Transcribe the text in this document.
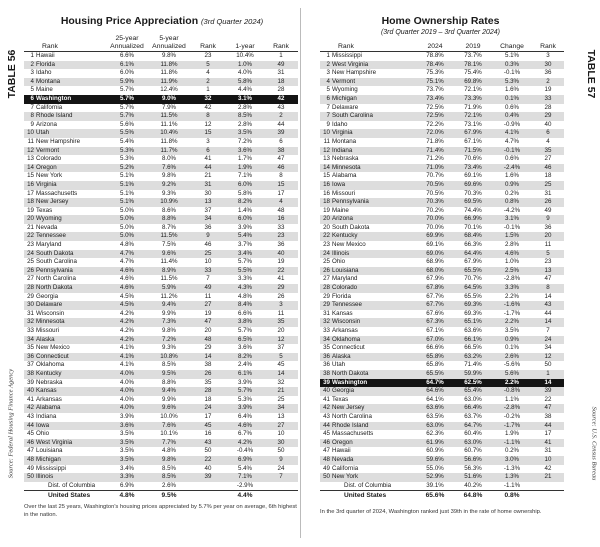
Housing Price Appreciation (3rd Quarter 2024)
TABLE 56
Source: Federal Housing Finance Agency
Rank
25-year Annualized
5-year Annualized	Rank	1-year	Rank
1 Hawaii	6.6%	9.8%	23	10.4%	1
2 Florida	6.1%	11.8%	5	1.0%	49
3 Idaho	6.0%	11.8%	4	4.0%	31
4 Montana	5.9%	11.9%	2	5.8%	18
5 Maine	5.7%	12.4%	1	4.4%	28
6 Washington	5.7%	9.0%	32	3.1%	42
7 California	5.7%	7.9%	42	2.8%	43
8 Rhode Island	5.7%	11.5%	8	8.5%	2
9 Arizona	5.6%	11.1%	12	2.8%	44
10 Utah	5.5%	10.4%	15	3.5%	39
11 New Hampshire	5.4%	11.8%	3	7.2%	6
12 Vermont	5.3%	11.7%	6	3.6%	38
13 Colorado	5.3%	8.0%	41	1.7%	47
14 Oregon	5.2%	7.6%	44	1.9%	46
15 New York	5.1%	9.8%	21	7.1%	8
16 Virginia	5.1%	9.2%	31	6.0%	15
17 Massachusetts	5.1%	9.3%	30	5.8%	17
18 New Jersey	5.1%	10.9%	13	8.2%	4
19 Texas	5.0%	8.6%	37	1.4%	48
20 Wyoming	5.0%	8.8%	34	6.0%	16
21 Nevada	5.0%	8.7%	36	3.9%	33
22 Tennessee	5.0%	11.5%	9	5.4%	23
23 Maryland	4.8%	7.5%	46	3.7%	36
24 South Dakota	4.7%	9.6%	25	3.4%	40
25 South Carolina	4.7%	11.4%	10	5.7%	19
26 Pennsylvania	4.6%	8.9%	33	5.5%	22
27 North Carolina	4.6%	11.5%	7	3.3%	41
28 North Dakota	4.6%	5.9%	49	4.3%	29
29 Georgia	4.5%	11.2%	11	4.8%	26
30 Delaware	4.5%	9.4%	27	8.4%	3
31 Wisconsin	4.2%	9.9%	19	6.6%	11
32 Minnesota	4.2%	7.3%	47	3.8%	35
33 Missouri	4.2%	9.8%	20	5.7%	20
34 Alaska	4.2%	7.2%	48	6.5%	12
35 New Mexico	4.1%	9.3%	29	3.6%	37
36 Connecticut	4.1%	10.8%	14	8.2%	5
37 Oklahoma	4.1%	8.5%	38	2.4%	45
38 Kentucky	4.0%	9.5%	26	6.1%	14
39 Nebraska	4.0%	8.8%	35	3.9%	32
40 Kansas	4.0%	9.4%	28	5.7%	21
41 Arkansas	4.0%	9.9%	18	5.3%	25
42 Alabama	4.0%	9.6%	24	3.9%	34
43 Indiana	3.9%	10.0%	17	6.4%	13
44 Iowa	3.6%	7.6%	45	4.6%	27
45 Ohio	3.5%	10.1%	16	6.7%	10
46 West Virginia	3.5%	7.7%	43	4.2%	30
47 Louisiana	3.5%	4.8%	50	-0.4%	50
48 Michigan	3.5%	9.8%	22	6.9%	9
49 Mississippi	3.4%	8.5%	40	5.4%	24
50 Illinois	3.3%	8.5%	39	7.1%	7
Dist. of Columbia	6.9%	2.6%	-2.9%
United States	4.8%	9.5%	4.4%
Over the last 25 years, Washington's housing prices appreciated by 5.7% per year on average, 6th highest in the nation.
Home Ownership Rates
(3rd Quarter 2019 – 3rd Quarter 2024)
TABLE 57
Source: U.S. Census Bureau
Rank	2024	2019	Change	Rank
1 Mississippi	78.8%	73.7%	5.1%	3
2 West Virginia	78.4%	78.1%	0.3%	30
3 New Hampshire	75.3%	75.4%	-0.1%	36
4 Vermont	75.1%	69.8%	5.3%	2
5 Wyoming	73.7%	72.1%	1.6%	19
6 Michigan	73.4%	73.3%	0.1%	33
7 Delaware	72.5%	71.9%	0.6%	28
7 South Carolina	72.5%	72.1%	0.4%	29
9 Idaho	72.2%	73.1%	-0.9%	40
10 Virginia	72.0%	67.9%	4.1%	6
11 Montana	71.8%	67.1%	4.7%	4
12 Indiana	71.4%	71.5%	-0.1%	35
13 Nebraska	71.2%	70.6%	0.6%	27
14 Minnesota	71.0%	73.4%	-2.4%	46
15 Alabama	70.7%	69.1%	1.6%	18
16 Iowa	70.5%	69.6%	0.9%	25
16 Missouri	70.5%	70.3%	0.2%	31
18 Pennsylvania	70.3%	69.5%	0.8%	26
19 Maine	70.2%	74.4%	-4.2%	49
20 Arizona	70.0%	66.9%	3.1%	9
20 South Dakota	70.0%	70.1%	-0.1%	36
22 Kentucky	69.9%	68.4%	1.5%	20
23 New Mexico	69.1%	66.3%	2.8%	11
24 Illinois	69.0%	64.4%	4.6%	5
25 Ohio	68.9%	67.9%	1.0%	23
26 Louisiana	68.0%	65.5%	2.5%	13
27 Maryland	67.9%	70.7%	-2.8%	47
28 Colorado	67.8%	64.5%	3.3%	8
29 Florida	67.7%	65.5%	2.2%	14
29 Tennessee	67.7%	69.3%	-1.6%	43
31 Kansas	67.6%	69.3%	-1.7%	44
32 Wisconsin	67.3%	65.1%	2.2%	14
33 Arkansas	67.1%	63.6%	3.5%	7
34 Oklahoma	67.0%	66.1%	0.9%	24
35 Connecticut	66.6%	66.5%	0.1%	34
36 Alaska	65.8%	63.2%	2.6%	12
36 Utah	65.8%	71.4%	-5.6%	50
38 North Dakota	65.5%	59.9%	5.6%	1
39 Washington	64.7%	62.5%	2.2%	14
40 Georgia	64.6%	65.4%	-0.8%	39
41 Texas	64.1%	63.0%	1.1%	22
42 New Jersey	63.6%	66.4%	-2.8%	47
43 North Carolina	63.5%	63.7%	-0.2%	38
44 Rhode Island	63.0%	64.7%	-1.7%	44
45 Massachusetts	62.3%	60.4%	1.9%	17
46 Oregon	61.9%	63.0%	-1.1%	41
47 Hawaii	60.9%	60.7%	0.2%	31
48 Nevada	59.6%	56.6%	3.0%	10
49 California	55.0%	56.3%	-1.3%	42
50 New York	52.9%	51.6%	1.3%	21
Dist. of Columbia	39.1%	40.2%	-1.1%
United States	65.6%	64.8%	0.8%
In the 3rd quarter of 2024, Washington ranked just 39th in the rate of home ownership.
